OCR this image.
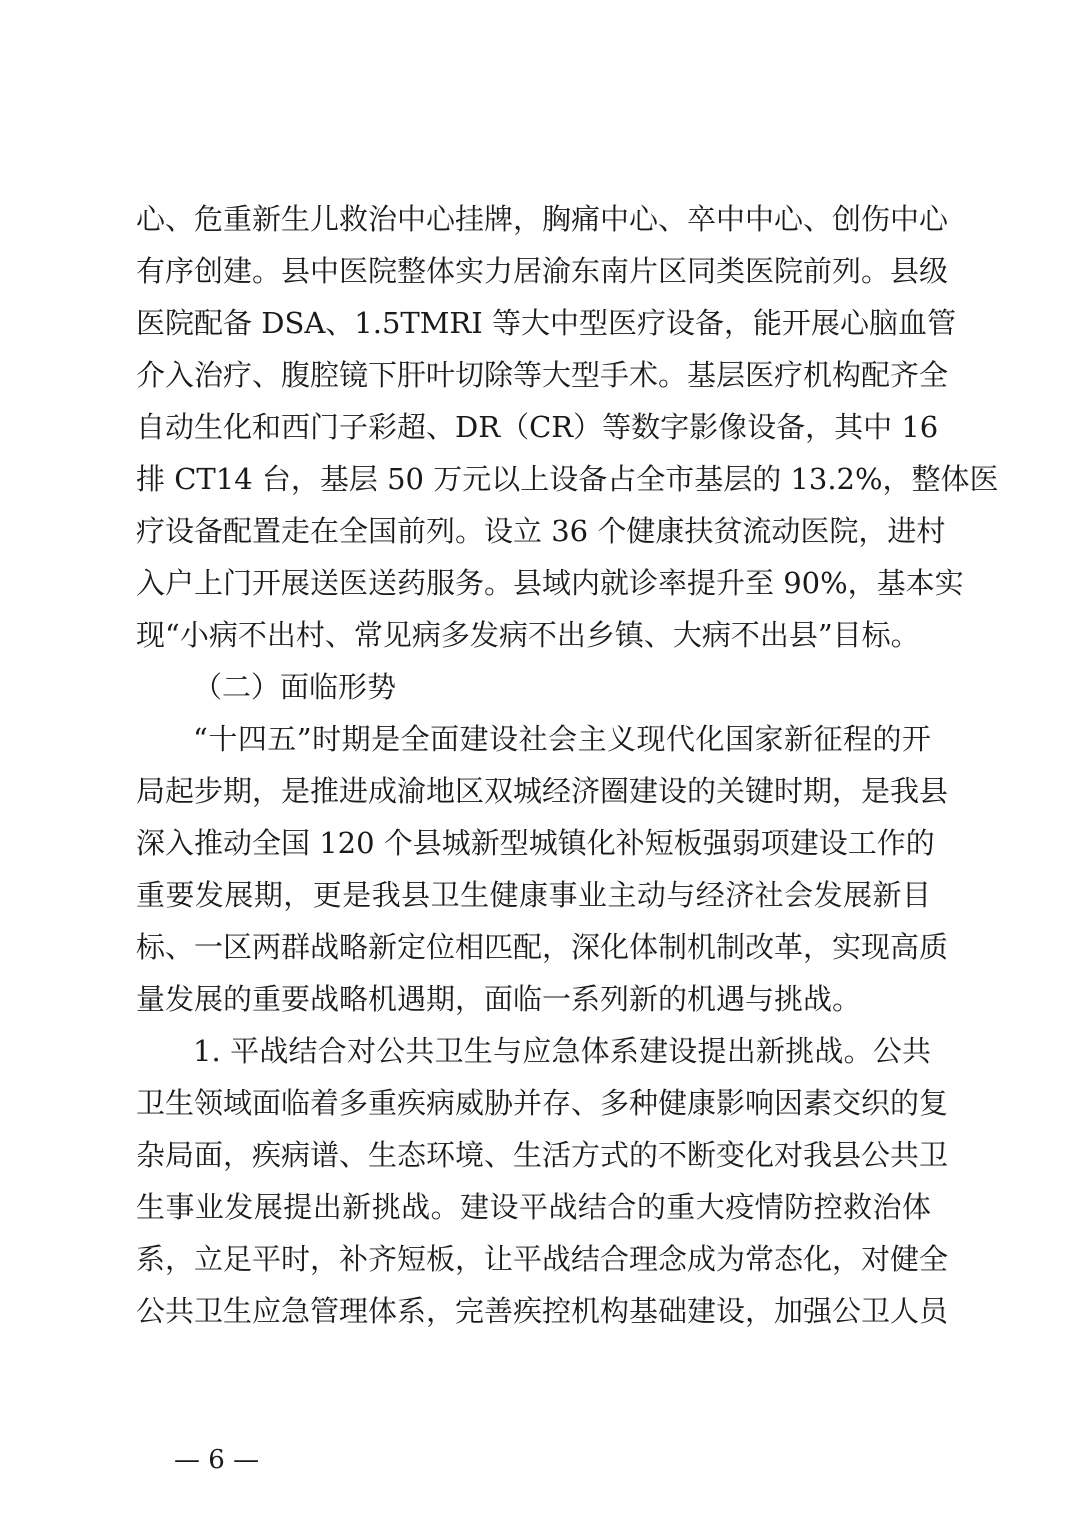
心、危重新生儿救治中心挂牌，胸痛中心、卒中中心、创伤中心
有序创建。县中医院整体实力居渝东南片区同类医院前列。县级
医院配备 DSA、1.5TMRI 等大中型医疗设备，能开展心脑血管
介入治疗、腹腔镜下肝叶切除等大型手术。基层医疗机构配齐全
自动生化和西门子彩超、DR（CR）等数字影像设备，其中 16
排 CT14 台，基层 50 万元以上设备占全市基层的 13.2%，整体医
疗设备配置走在全国前列。设立 36 个健康扶贫流动医院，进村
入户上门开展送医送药服务。县域内就诊率提升至 90%，基本实
现“小病不出村、常见病多发病不出乡镇、大病不出县”目标。
（二）面临形势
“十四五”时期是全面建设社会主义现代化国家新征程的开
局起步期，是推进成渝地区双城经济圈建设的关键时期，是我县
深入推动全国 120 个县城新型城镇化补短板强弱项建设工作的
重要发展期，更是我县卫生健康事业主动与经济社会发展新目
标、一区两群战略新定位相匹配，深化体制机制改革，实现高质
量发展的重要战略机遇期，面临一系列新的机遇与挑战。
1. 平战结合对公共卫生与应急体系建设提出新挑战。公共
卫生领域面临着多重疾病威胁并存、多种健康影响因素交织的复
杂局面，疾病谱、生态环境、生活方式的不断变化对我县公共卫
生事业发展提出新挑战。建设平战结合的重大疫情防控救治体
系，立足平时，补齐短板，让平战结合理念成为常态化，对健全
公共卫生应急管理体系，完善疾控机构基础建设，加强公卫人员
— 6 —
